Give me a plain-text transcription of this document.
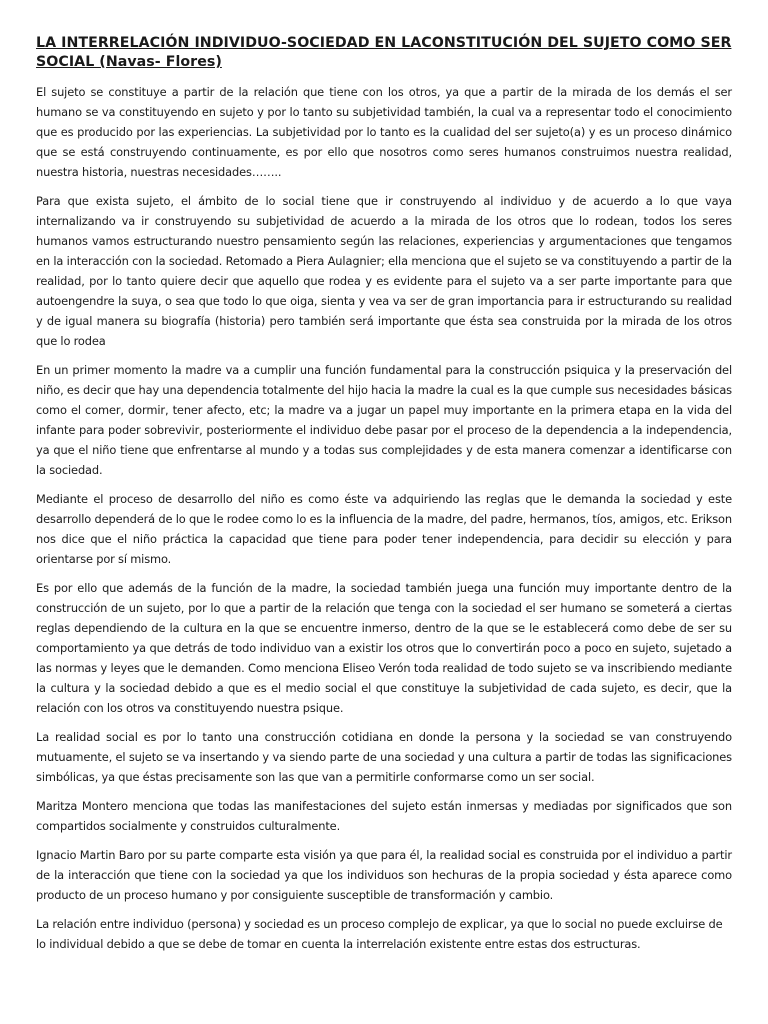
LA INTERRELACIÓN INDIVIDUO-SOCIEDAD EN LACONSTITUCIÓN DEL SUJETO COMO SER SOCIAL (Navas- Flores)

El sujeto se constituye a partir de la relación que tiene con los otros, ya que a partir de la mirada de los demás el ser humano se va constituyendo en sujeto y por lo tanto su subjetividad también, la cual va a representar todo el conocimiento que es producido por las experiencias. La subjetividad por lo tanto es la cualidad del ser sujeto(a) y es un proceso dinámico que se está construyendo continuamente, es por ello que nosotros como seres humanos construimos nuestra realidad, nuestra historia, nuestras necesidades……..

Para que exista sujeto, el ámbito de lo social tiene que ir construyendo al individuo y de acuerdo a lo que vaya internalizando va ir construyendo su subjetividad de acuerdo a la mirada de los otros que lo rodean, todos los seres humanos vamos estructurando nuestro pensamiento según las relaciones, experiencias y argumentaciones que tengamos en la interacción con la sociedad. Retomado a Piera Aulagnier; ella menciona que el sujeto se va constituyendo a partir de la realidad, por lo tanto quiere decir que aquello que rodea y es evidente para el sujeto va a ser parte importante para que autoengendre la suya, o sea que todo lo que oiga, sienta y vea va ser de gran importancia para ir estructurando su realidad y de igual manera su biografía (historia) pero también será importante que ésta sea construida por la mirada de los otros que lo rodea

En un primer momento la madre va a cumplir una función fundamental para la construcción psiquica y la preservación del niño, es decir que hay una dependencia totalmente del hijo hacia la madre la cual es la que cumple sus necesidades básicas como el comer, dormir, tener afecto, etc; la madre va a jugar un papel muy importante en la primera etapa en la vida del infante para poder sobrevivir, posteriormente el individuo debe pasar por el proceso de la dependencia a la independencia, ya que el niño tiene que enfrentarse al mundo y a todas sus complejidades y de esta manera comenzar a identificarse con la sociedad.

Mediante el proceso de desarrollo del niño es como éste va adquiriendo las reglas que le demanda la sociedad y este desarrollo dependerá de lo que le rodee como lo es la influencia de la madre, del padre, hermanos, tíos, amigos, etc. Erikson nos dice que el niño práctica la capacidad que tiene para poder tener independencia, para decidir su elección y para orientarse por sí mismo.

Es por ello que además de la función de la madre, la sociedad también juega una función muy importante dentro de la construcción de un sujeto, por lo que a partir de la relación que tenga con la sociedad el ser humano se someterá a ciertas reglas dependiendo de la cultura en la que se encuentre inmerso, dentro de la que se le establecerá como debe de ser su comportamiento ya que detrás de todo individuo van a existir los otros que lo convertirán poco a poco en sujeto, sujetado a las normas y leyes que le demanden. Como menciona Eliseo Verón toda realidad de todo sujeto se va inscribiendo mediante la cultura y la sociedad debido a que es el medio social el que constituye la subjetividad de cada sujeto, es decir, que la relación con los otros va constituyendo nuestra psique.

La realidad social es por lo tanto una construcción cotidiana en donde la persona y la sociedad se van construyendo mutuamente, el sujeto se va insertando y va siendo parte de una sociedad y una cultura a partir de todas las significaciones simbólicas, ya que éstas precisamente son las que van a permitirle conformarse como un ser social.

Maritza Montero menciona que todas las manifestaciones del sujeto están inmersas y mediadas por significados que son compartidos socialmente y construidos culturalmente.

Ignacio Martin Baro por su parte comparte esta visión ya que para él, la realidad social es construida por el individuo a partir de la interacción que tiene con la sociedad ya que los individuos son hechuras de la propia sociedad y ésta aparece como producto de un proceso humano y por consiguiente susceptible de transformación y cambio.

La relación entre individuo (persona) y sociedad es un proceso complejo de explicar, ya que lo social no puede excluirse de lo individual debido a que se debe de tomar en cuenta la interrelación existente entre estas dos estructuras.
